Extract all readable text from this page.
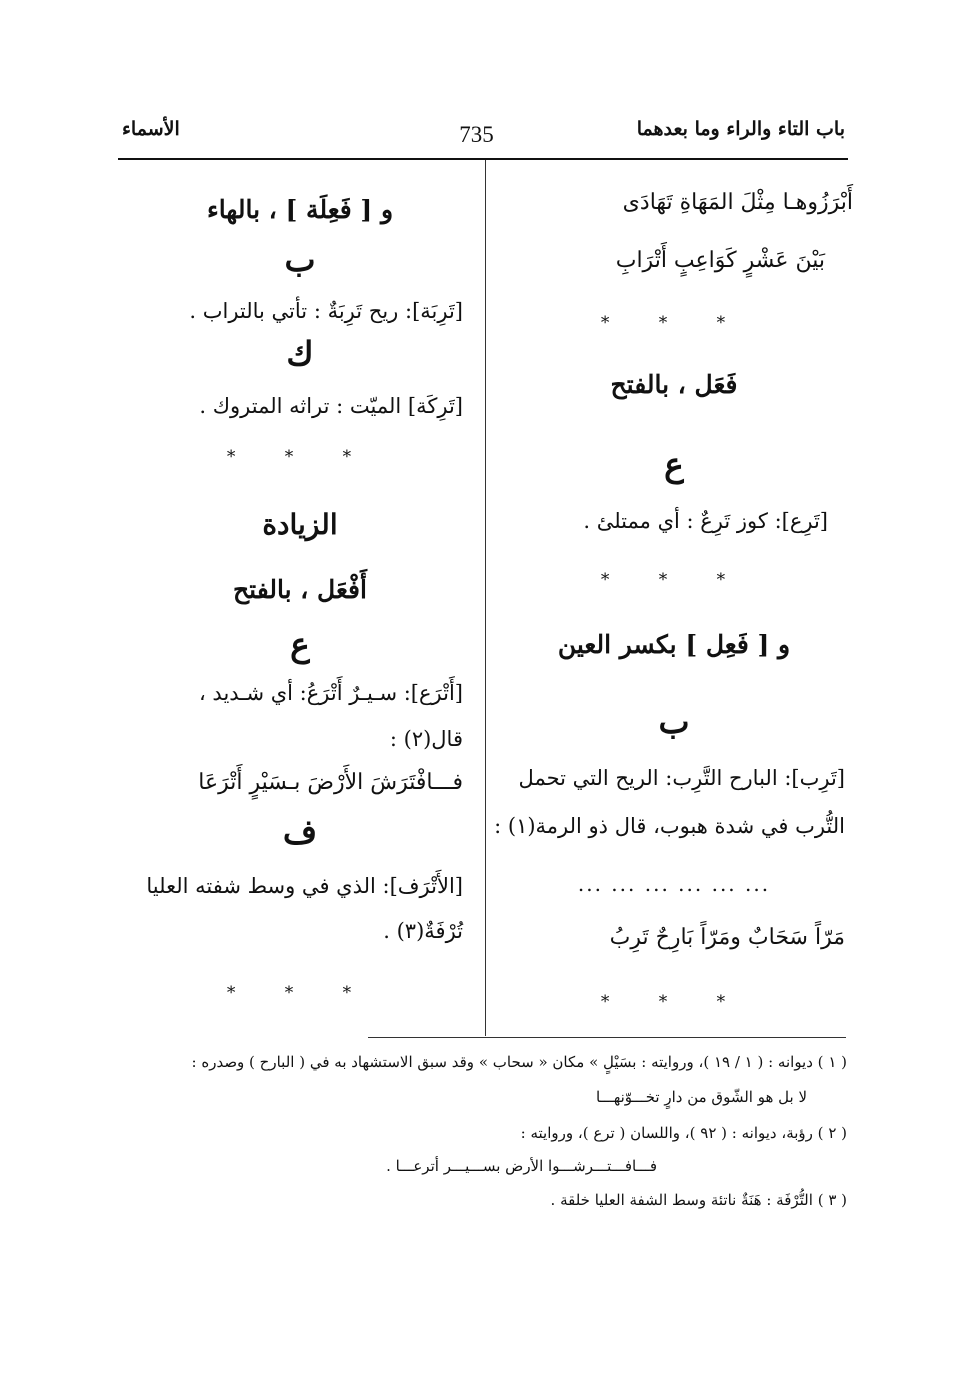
الأسماء	735	باب التاء والراء وما بعدهما
أَبْرَزُوهـا مِثْلَ المَهَاةِ تَهَادَى
بَيْنَ عَشْرٍ كَوَاعِبٍ أَتْرَابِ
* * *
فَعَل ، بالفتح
ع
[تَرِع]: كوز تَرِعٌ : أي ممتلئ .
* * *
و [ فَعِل ] بكسر العين
ب
[تَرِب]: البارح التَّرِب: الريح التي تحمل
التُّرب في شدة هبوب، قال ذو الرمة(١) :
... ... ... ... ... ...
مَرّاً سَحَابٌ ومَرّاً بَارِحٌ تَرِبُ
* * *
و [ فَعِلَة ] ، بالهاء
ب
[تَرِبَة]: ريح تَرِبَةٌ : تأتي بالتراب .
ك
[تَرِكَة] الميّت : تراثه المتروك .
* * *
الزيادة
أَفْعَل ، بالفتح
ع
[أَتْرَع]: سـيـرٌ أَتْرَعُ: أي شـديد ،
قال(٢) :
فـــافْتَرَشَ الأَرْضَ بـسَيْرٍ أَتْرَعَا
ف
[الأَتْرَف]: الذي في وسط شفته العليا
تُرْفَةٌ(٣) .
* * *
( ١ ) ديوانه : ( ١ / ١٩ )، وروايته : بسَيْلٍ » مكان « سحاب » وقد سبق الاستشهاد به في ( البارح ) وصدره :
لا بل هو الشّوق من دارٍ تخـــوّنهـــا
( ٢ ) رؤبة، ديوانه : ( ٩٢ )، واللسان ( ترع )، وروايته :
فـــافـــتـــرشـــوا الأرض بســـيـــر أترعـــا .
( ٣ ) التُّرْفَة : هَنَةٌ ناتئة وسط الشفة العليا خلقة .
